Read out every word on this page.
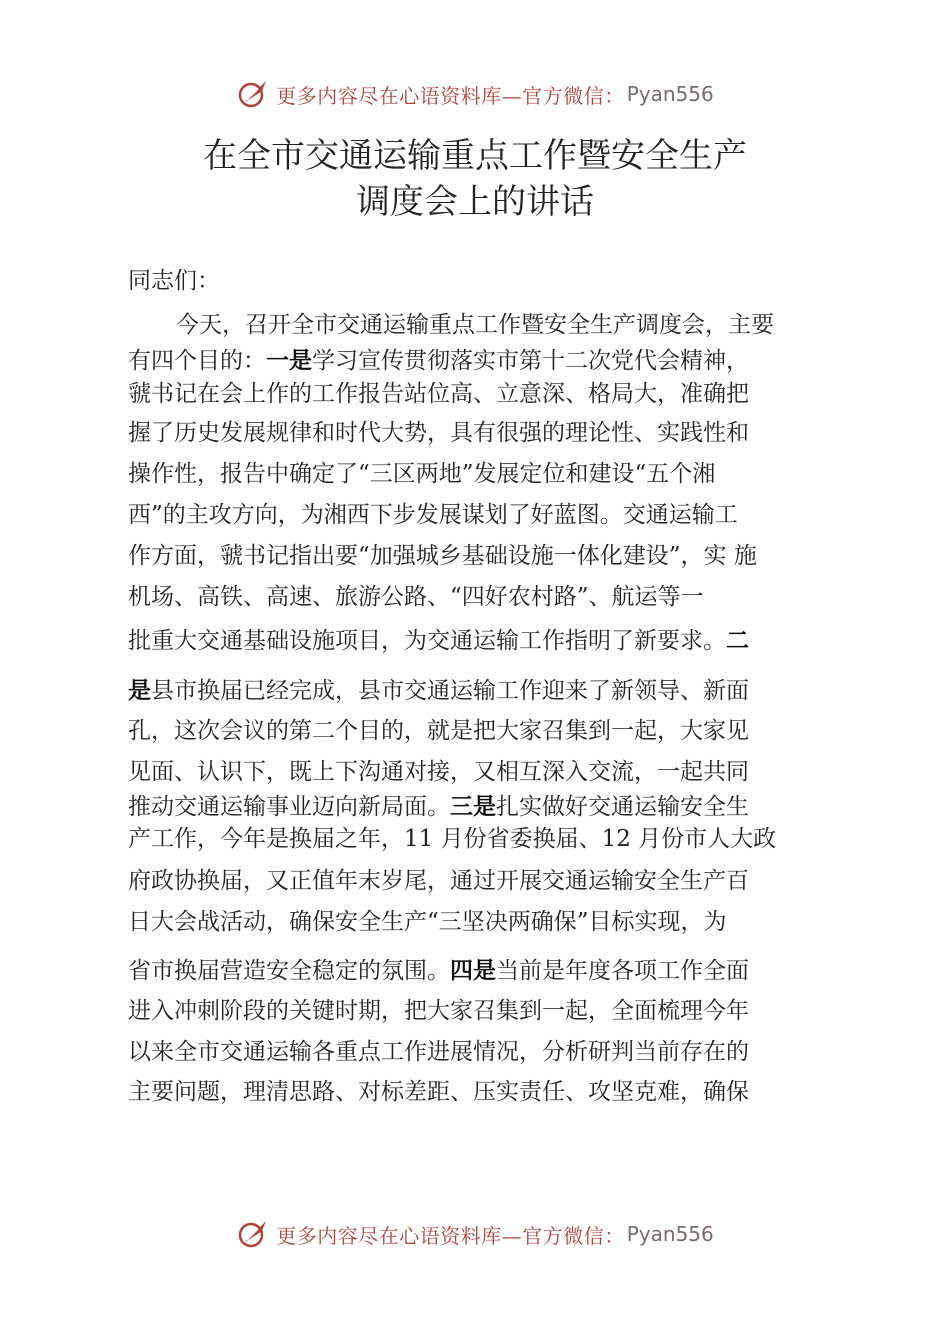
更多内容尽在心语资料库—官方微信： Pyan556
在全市交通运输重点工作暨安全生产
调度会上的讲话
同志们：
今天，召开全市交通运输重点工作暨安全生产调度会，主要
有四个目的：一是学习宣传贯彻落实市第十二次党代会精神，
虢书记在会上作的工作报告站位高、立意深、格局大，准确把
握了历史发展规律和时代大势，具有很强的理论性、实践性和
操作性，报告中确定了“三区两地”发展定位和建设“五个湘
西”的主攻方向，为湘西下步发展谋划了好蓝图。交通运输工
作方面，虢书记指出要“加强城乡基础设施一体化建设”，实 施
机场、高铁、高速、旅游公路、“四好农村路”、航运等一
批重大交通基础设施项目，为交通运输工作指明了新要求。二
是县市换届已经完成，县市交通运输工作迎来了新领导、新面
孔，这次会议的第二个目的，就是把大家召集到一起，大家见
见面、认识下，既上下沟通对接，又相互深入交流，一起共同
推动交通运输事业迈向新局面。三是扎实做好交通运输安全生
产工作，今年是换届之年，11 月份省委换届、12 月份市人大政
府政协换届，又正值年末岁尾，通过开展交通运输安全生产百
日大会战活动，确保安全生产“三坚决两确保”目标实现，为
省市换届营造安全稳定的氛围。四是当前是年度各项工作全面
进入冲刺阶段的关键时期，把大家召集到一起，全面梳理今年
以来全市交通运输各重点工作进展情况，分析研判当前存在的
主要问题，理清思路、对标差距、压实责任、攻坚克难，确保
更多内容尽在心语资料库—官方微信： Pyan556
